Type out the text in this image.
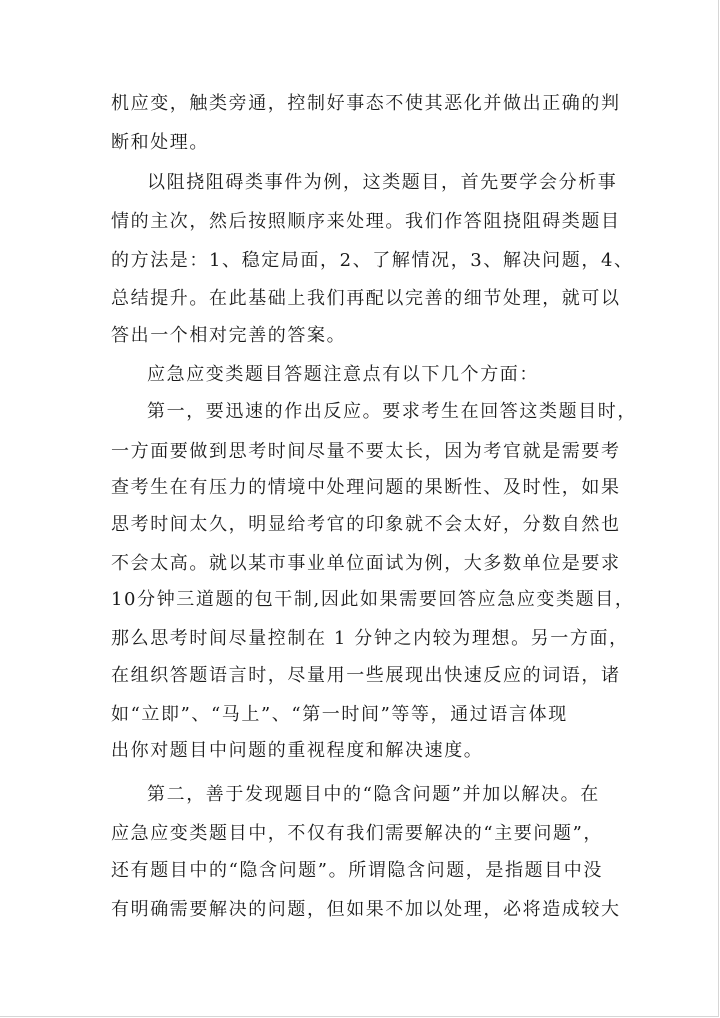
机应变，触类旁通，控制好事态不使其恶化并做出正确的判
断和处理。
以阻挠阻碍类事件为例，这类题目，首先要学会分析事
情的主次，然后按照顺序来处理。我们作答阻挠阻碍类题目
的方法是：1、稳定局面，2、了解情况，3、解决问题，4、
总结提升。在此基础上我们再配以完善的细节处理，就可以
答出一个相对完善的答案。
应急应变类题目答题注意点有以下几个方面：
第一，要迅速的作出反应。要求考生在回答这类题目时，
一方面要做到思考时间尽量不要太长，因为考官就是需要考
查考生在有压力的情境中处理问题的果断性、及时性，如果
思考时间太久，明显给考官的印象就不会太好，分数自然也
不会太高。就以某市事业单位面试为例，大多数单位是要求
10分钟三道题的包干制,因此如果需要回答应急应变类题目，
那么思考时间尽量控制在 1 分钟之内较为理想。另一方面，
在组织答题语言时，尽量用一些展现出快速反应的词语，诸
如“立即”、“马上”、“第一时间”等等，通过语言体现
出你对题目中问题的重视程度和解决速度。
第二，善于发现题目中的“隐含问题”并加以解决。在
应急应变类题目中，不仅有我们需要解决的“主要问题”，
还有题目中的“隐含问题”。所谓隐含问题，是指题目中没
有明确需要解决的问题，但如果不加以处理，必将造成较大
